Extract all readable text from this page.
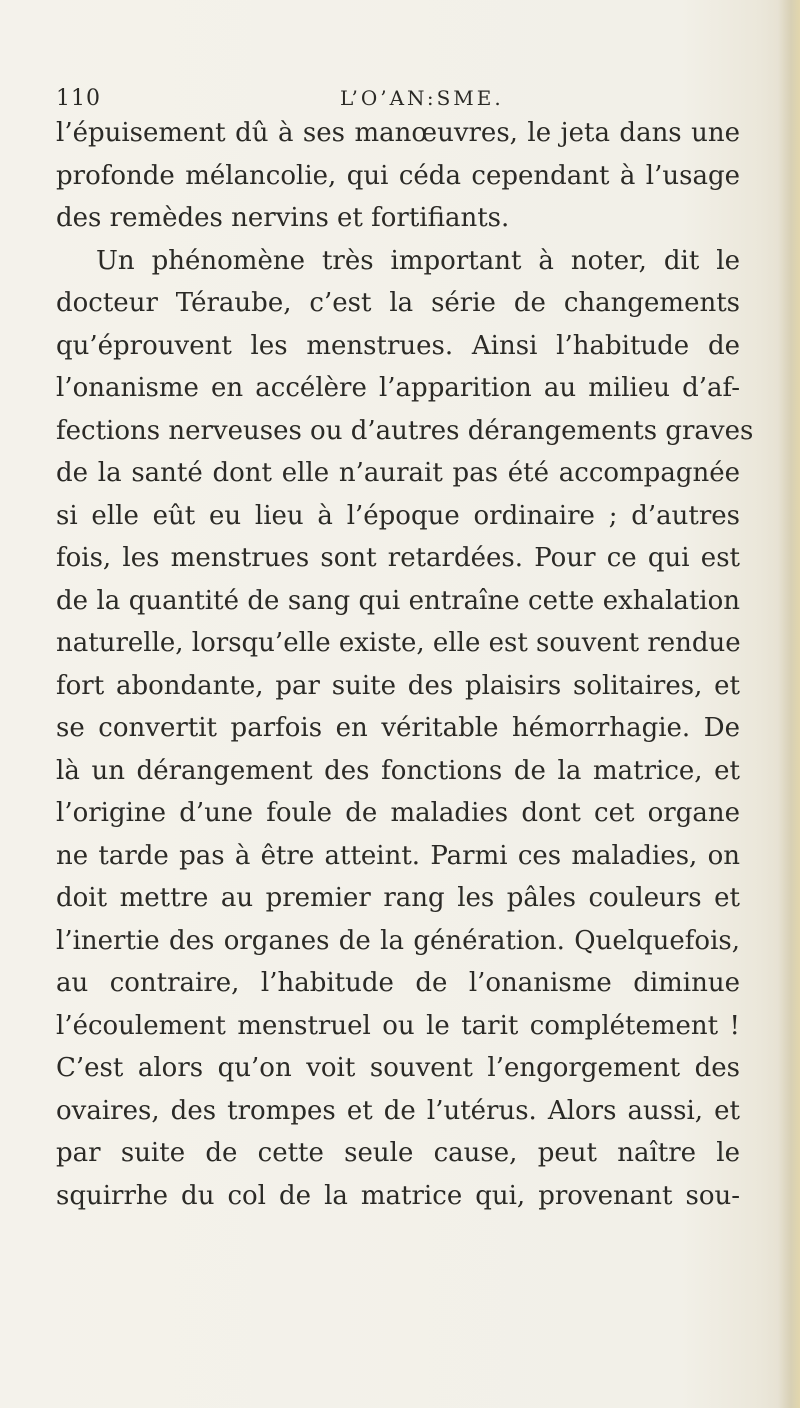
110	L’O’AN:SME.
l’épuisement dû à ses manœuvres, le jeta dans une
profonde mélancolie, qui céda cependant à l’usage
des remèdes nervins et fortifiants.
Un phénomène très important à noter, dit le
docteur Téraube, c’est la série de changements
qu’éprouvent les menstrues. Ainsi l’habitude de
l’onanisme en accélère l’apparition au milieu d’af-
fections nerveuses ou d’autres dérangements graves
de la santé dont elle n’aurait pas été accompagnée
si elle eût eu lieu à l’époque ordinaire ; d’autres
fois, les menstrues sont retardées. Pour ce qui est
de la quantité de sang qui entraîne cette exhalation
naturelle, lorsqu’elle existe, elle est souvent rendue
fort abondante, par suite des plaisirs solitaires, et
se convertit parfois en véritable hémorrhagie. De
là un dérangement des fonctions de la matrice, et
l’origine d’une foule de maladies dont cet organe
ne tarde pas à être atteint. Parmi ces maladies, on
doit mettre au premier rang les pâles couleurs et
l’inertie des organes de la génération. Quelquefois,
au contraire, l’habitude de l’onanisme diminue
l’écoulement menstruel ou le tarit complétement !
C’est alors qu’on voit souvent l’engorgement des
ovaires, des trompes et de l’utérus. Alors aussi, et
par suite de cette seule cause, peut naître le
squirrhe du col de la matrice qui, provenant sou-
